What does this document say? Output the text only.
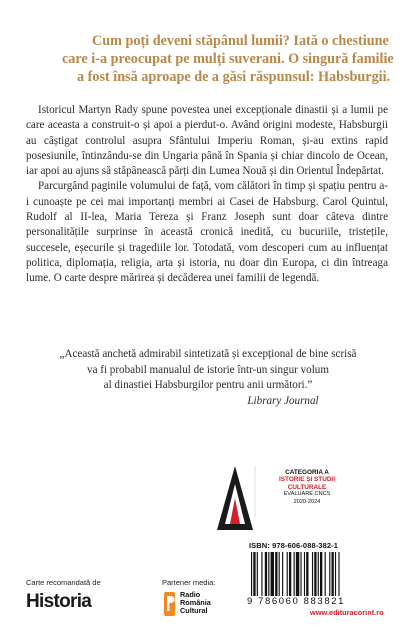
Cum poți deveni stăpânul lumii? Iată o chestiune
care i-a preocupat pe mulți suverani. O singură familie
a fost însă aproape de a găsi răspunsul: Habsburgii.

Istoricul Martyn Rady spune povestea unei excepționale dinastii și a lumii pe care aceasta a construit-o și apoi a pierdut-o. Având origini modeste, Habsburgii au câștigat controlul asupra Sfântului Imperiu Roman, și-au extins rapid posesiunile, întinzându-se din Ungaria până în Spania și chiar dincolo de Ocean, iar apoi au ajuns să stăpânească părți din Lumea Nouă și din Orientul Îndepărtat.

Parcurgând paginile volumului de față, vom călători în timp și spațiu pentru a-i cunoaște pe cei mai importanți membri ai Casei de Habsburg. Carol Quintul, Rudolf al II-lea, Maria Tereza și Franz Joseph sunt doar câteva dintre personalitățile surprinse în această cronică inedită, cu bucuriile, tristețile, succesele, eșecurile și tragediile lor. Totodată, vom descoperi cum au influențat politica, diplomația, religia, arta și istoria, nu doar din Europa, ci din întreaga lume. O carte despre mărirea și decăderea unei familii de legendă.

„Această anchetă admirabil sintetizată și excepțional de bine scrisă
va fi probabil manualul de istorie într-un singur volum
al dinastiei Habsburgilor pentru anii următori.”
Library Journal
CATEGORIA A
ISTORIE ȘI STUDII
CULTURALE
EVALUARE CNCS
2020-2024
ISBN: 978-606-088-382-1
9 786060 883821
Carte recomandată de
Historia
Partener media:
Radio
România
Cultural	www.edituracorint.ro
